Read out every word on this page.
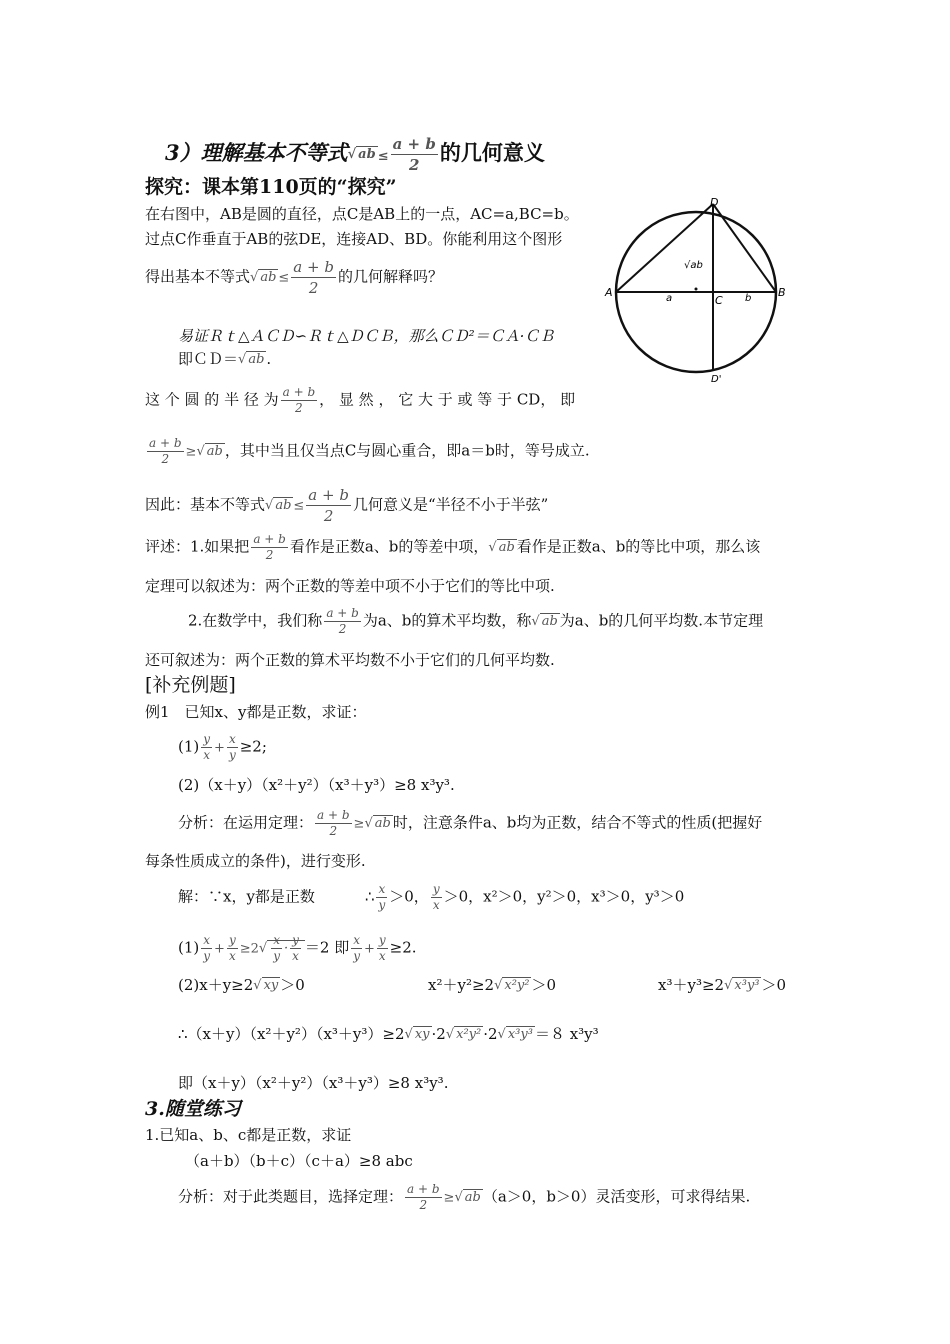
3）理解基本不等式√ ab ≤ $\frac{a + b}{2}$ 的几何意义
探究：课本第110页的“探究”
在右图中，AB是圆的直径，点C是AB上的一点，AC=a,BC=b。
过点C作垂直于AB的弦DE，连接AD、BD。你能利用这个图形
得出基本不等式√ ab ≤ $\frac{a + b}{2}$ 的几何解释吗？
A	B
C
D
D'
a	b
√ab
易证Ｒｔ△ＡＣＤ∽Ｒｔ△ＤＣＢ，那么ＣＤ²＝ＣＡ·ＣＢ
即ＣＤ＝√ ab .
这 个 圆 的 半 径 为 $\frac{a + b}{2}$ ， 显 然 ， 它 大 于 或 等 于 CD， 即
$\frac{a + b}{2}$ ≥√ ab ，其中当且仅当点C与圆心重合，即a＝b时，等号成立.
因此：基本不等式√ ab ≤ $\frac{a + b}{2}$ 几何意义是“半径不小于半弦”
评述：1.如果把 $\frac{a + b}{2}$ 看作是正数a、b的等差中项，√ ab 看作是正数a、b的等比中项，那么该
定理可以叙述为：两个正数的等差中项不小于它们的等比中项.
2.在数学中，我们称 $\frac{a + b}{2}$ 为a、b的算术平均数，称√ ab 为a、b的几何平均数.本节定理
还可叙述为：两个正数的算术平均数不小于它们的几何平均数.
[补充例题]
例1　已知x、y都是正数，求证：
$(1) \frac{y}{x} + \frac{x}{y} \ge 2$;
(2)（x＋y）（x²＋y²）（x³＋y³）≥8 x³y³.
分析：在运用定理： $\frac{a + b}{2}$ ≥√ ab 时，注意条件a、b均为正数，结合不等式的性质(把握好
每条性质成立的条件)，进行变形.
解：∵x，y都是正数	∴ $\frac{x}{y} >0$， $\frac{y}{x} >0$，x²＞0，y²＞0，x³＞0，y³＞0
$(1) \frac{x}{y} + \frac{y}{x} \ge 2√ \frac{x}{y} \cdot \frac{y}{x} =2$ 即 $\frac{x}{y} + \frac{y}{x} \ge 2$.
(2)x＋y≥2√ xy ＞0	x²＋y²≥2√ x²y² ＞0	x³＋y³≥2√ x³y³ ＞0
∴（x＋y）（x²＋y²）（x³＋y³）≥2√ xy ·2√ x²y² ·2√ x³y³ ＝８ x³y³
即（x＋y）（x²＋y²）（x³＋y³）≥8 x³y³.
3.随堂练习
1.已知a、b、c都是正数，求证
（a＋b）（b＋c）（c＋a）≥8 abc
分析：对于此类题目，选择定理： $\frac{a + b}{2}$ ≥√ ab （a＞0，b＞0）灵活变形，可求得结果.
